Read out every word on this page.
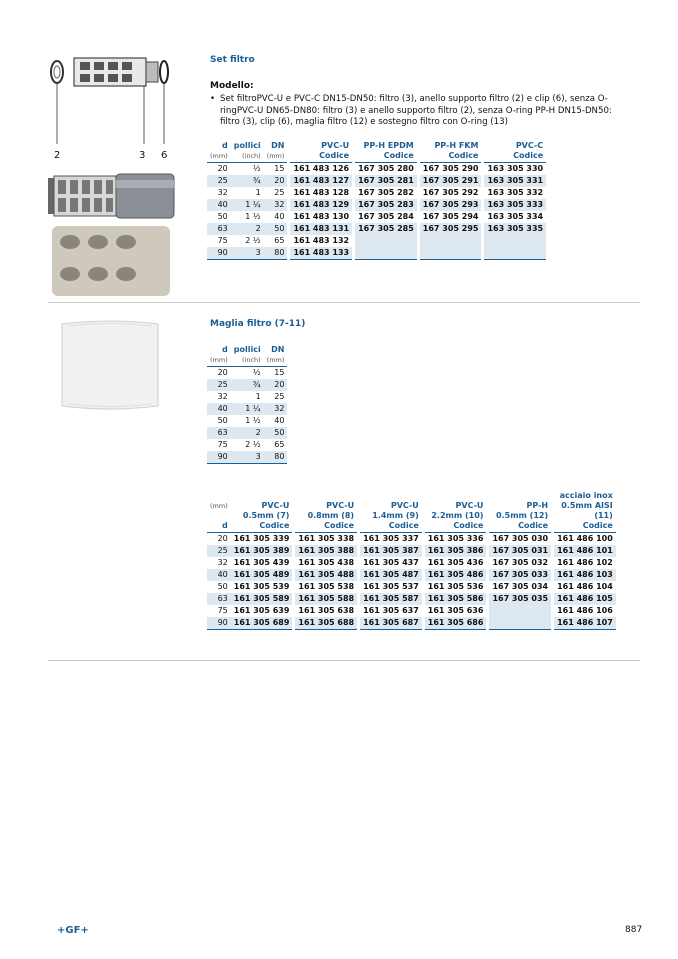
2	3 6
Set filtro
Modello:
• Set filtroPVC-U e PVC-C DN15-DN50: filtro (3), anello supporto filtro (2) e clip (6), senza O-ringPVC-U DN65-DN80: filtro (3) e anello supporto filtro (2), senza O-ring PP-H DN15-DN50: filtro (3), clip (6), maglia filtro (12) e sostegno filtro con O-ring (13)
d	pollici	DN		PVC-U		PP-H EPDM		PP-H FKM		PVC-C
(mm)	(inch)	(mm)		Codice		Codice		Codice		Codice
20	½	15		161 483 126		167 305 280		167 305 290		163 305 330
25	¾	20		161 483 127		167 305 281		167 305 291		163 305 331
32	1	25		161 483 128		167 305 282		167 305 292		163 305 332
40	1 ¼	32		161 483 129		167 305 283		167 305 293		163 305 333
50	1 ½	40		161 483 130		167 305 284		167 305 294		163 305 334
63	2	50		161 483 131		167 305 285		167 305 295		163 305 335
75	2 ½	65		161 483 132						
90	3	80		161 483 133						
Maglia filtro (7-11)
d	pollici	DN
(mm)	(inch)	(mm)
20	½	15
25	¾	20
32	1	25
40	1 ¼	32
50	1 ½	40
63	2	50
75	2 ½	65
90	3	80
											acciaio inox
(mm)	PVC-U		PVC-U		PVC-U		PVC-U		PP-H		0.5mm AISI
	0.5mm (7)		0.8mm (8)		1.4mm (9)		2.2mm (10)		0.5mm (12)		(11)
d	Codice		Codice		Codice		Codice		Codice		Codice

20	161 305 339		161 305 338		161 305 337		161 305 336		167 305 030		161 486 100
25	161 305 389		161 305 388		161 305 387		161 305 386		167 305 031		161 486 101
32	161 305 439		161 305 438		161 305 437		161 305 436		167 305 032		161 486 102
40	161 305 489		161 305 488		161 305 487		161 305 486		167 305 033		161 486 103
50	161 305 539		161 305 538		161 305 537		161 305 536		167 305 034		161 486 104
63	161 305 589		161 305 588		161 305 587		161 305 586		167 305 035		161 486 105
75	161 305 639		161 305 638		161 305 637		161 305 636				161 486 106
90	161 305 689		161 305 688		161 305 687		161 305 686				161 486 107
+GF+	887
